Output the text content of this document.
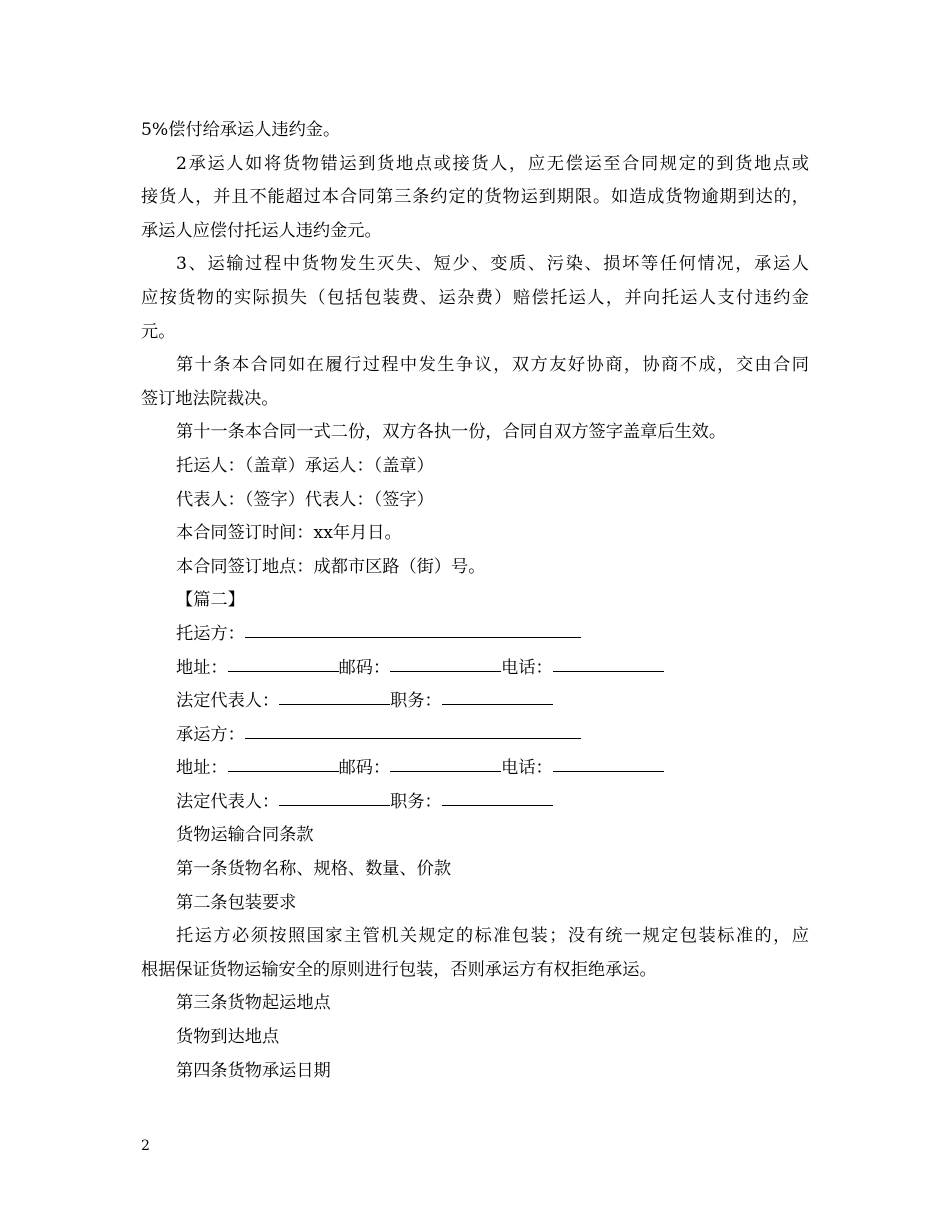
5%偿付给承运人违约金。
2承运人如将货物错运到货地点或接货人，应无偿运至合同规定的到货地点或
接货人，并且不能超过本合同第三条约定的货物运到期限。如造成货物逾期到达的，
承运人应偿付托运人违约金元。
3、运输过程中货物发生灭失、短少、变质、污染、损坏等任何情况，承运人
应按货物的实际损失（包括包装费、运杂费）赔偿托运人，并向托运人支付违约金
元。
第十条本合同如在履行过程中发生争议，双方友好协商，协商不成，交由合同
签订地法院裁决。
第十一条本合同一式二份，双方各执一份，合同自双方签字盖章后生效。
托运人：（盖章）承运人：（盖章）
代表人：（签字）代表人：（签字）
本合同签订时间：xx年月日。
本合同签订地点：成都市区路（街）号。
【篇二】
托运方：
地址：	邮码：	电话：
法定代表人：	职务：
承运方：
地址：	邮码：	电话：
法定代表人：	职务：
货物运输合同条款
第一条货物名称、规格、数量、价款
第二条包装要求
托运方必须按照国家主管机关规定的标准包装；没有统一规定包装标准的，应
根据保证货物运输安全的原则进行包装，否则承运方有权拒绝承运。
第三条货物起运地点
货物到达地点
第四条货物承运日期
2
